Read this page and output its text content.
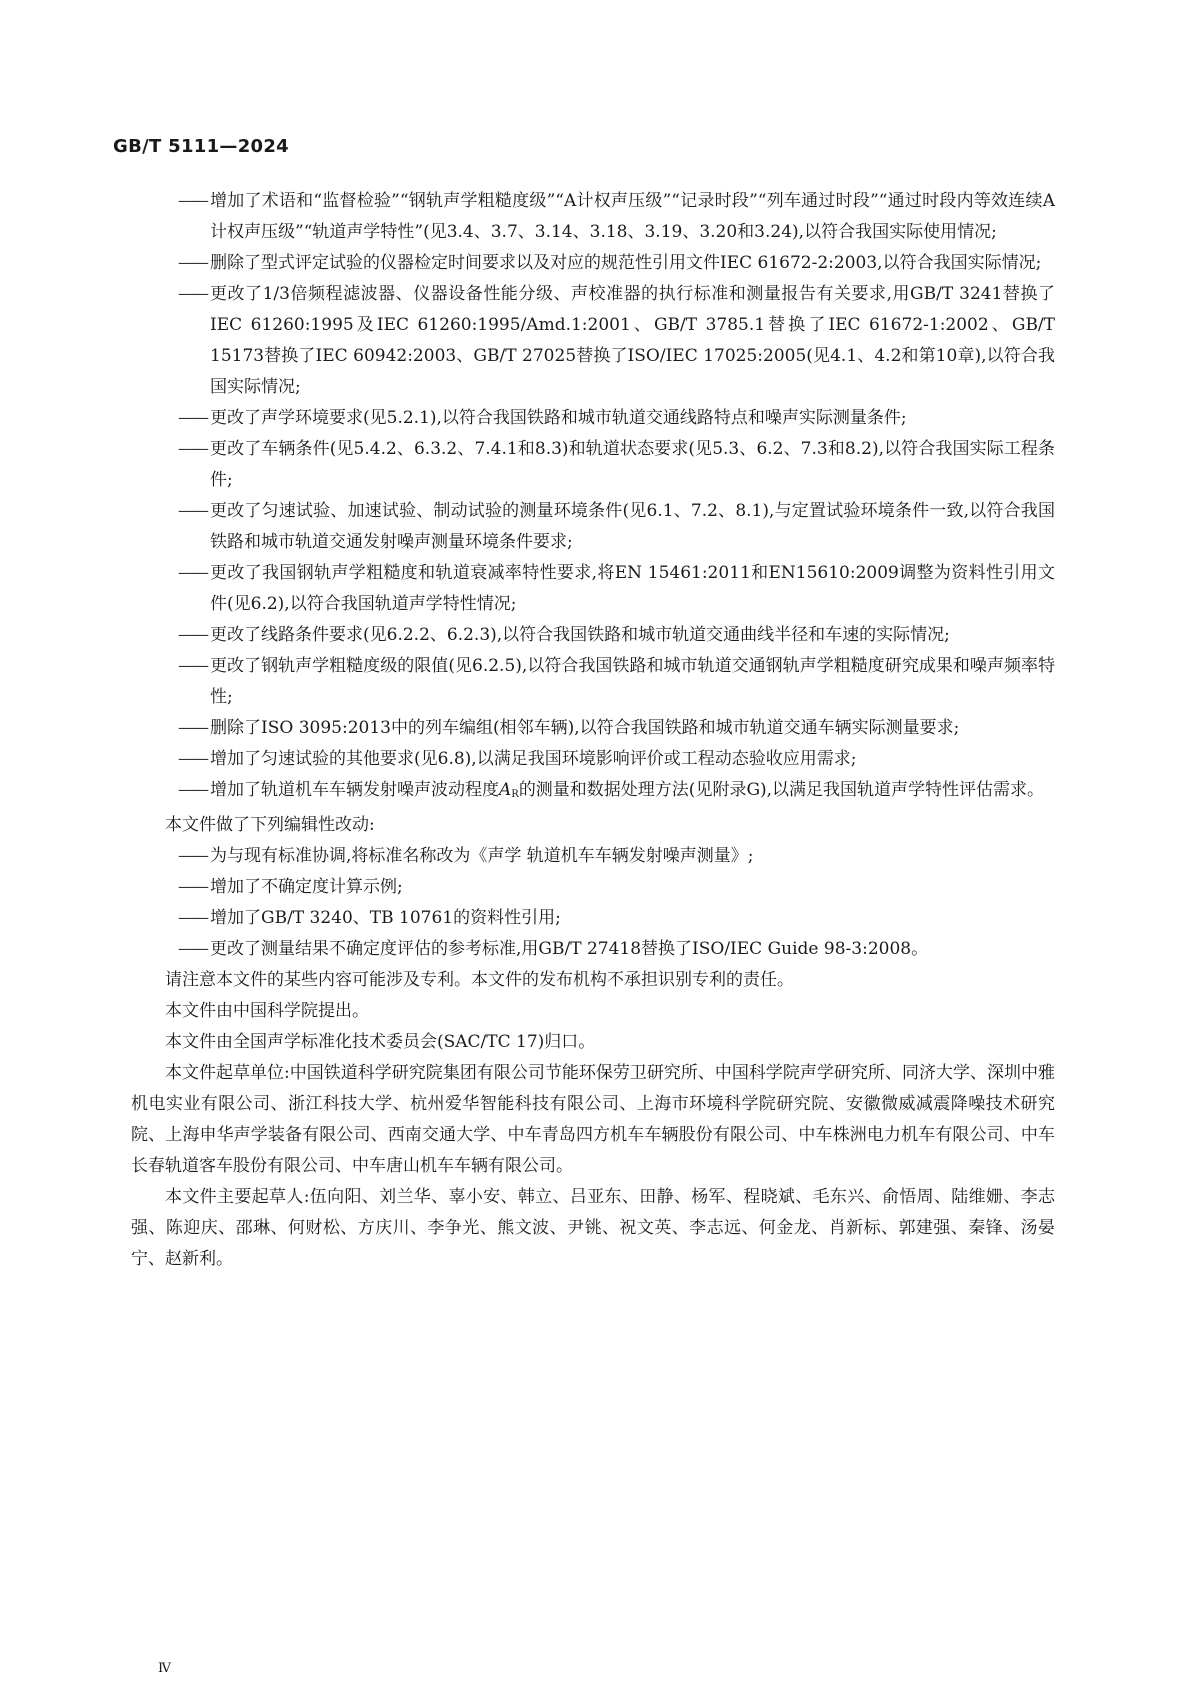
GB/T 5111—2024
—— 增加了术语和“监督检验”“钢轨声学粗糙度级”“A计权声压级”“记录时段”“列车通过时段”“通过时段内等效连续A计权声压级”“轨道声学特性”(见3.4、3.7、3.14、3.18、3.19、3.20和3.24),以符合我国实际使用情况;
—— 删除了型式评定试验的仪器检定时间要求以及对应的规范性引用文件IEC 61672-2:2003,以符合我国实际情况;
—— 更改了1/3倍频程滤波器、仪器设备性能分级、声校准器的执行标准和测量报告有关要求,用GB/T 3241替换了IEC 61260:1995及IEC 61260:1995/Amd.1:2001、GB/T 3785.1替换了IEC 61672-1:2002、GB/T 15173替换了IEC 60942:2003、GB/T 27025替换了ISO/IEC 17025:2005(见4.1、4.2和第10章),以符合我国实际情况;
—— 更改了声学环境要求(见5.2.1),以符合我国铁路和城市轨道交通线路特点和噪声实际测量条件;
—— 更改了车辆条件(见5.4.2、6.3.2、7.4.1和8.3)和轨道状态要求(见5.3、6.2、7.3和8.2),以符合我国实际工程条件;
—— 更改了匀速试验、加速试验、制动试验的测量环境条件(见6.1、7.2、8.1),与定置试验环境条件一致,以符合我国铁路和城市轨道交通发射噪声测量环境条件要求;
—— 更改了我国钢轨声学粗糙度和轨道衰减率特性要求,将EN 15461:2011和EN15610:2009调整为资料性引用文件(见6.2),以符合我国轨道声学特性情况;
—— 更改了线路条件要求(见6.2.2、6.2.3),以符合我国铁路和城市轨道交通曲线半径和车速的实际情况;
—— 更改了钢轨声学粗糙度级的限值(见6.2.5),以符合我国铁路和城市轨道交通钢轨声学粗糙度研究成果和噪声频率特性;
—— 删除了ISO 3095:2013中的列车编组(相邻车辆),以符合我国铁路和城市轨道交通车辆实际测量要求;
—— 增加了匀速试验的其他要求(见6.8),以满足我国环境影响评价或工程动态验收应用需求;
—— 增加了轨道机车车辆发射噪声波动程度$A_R$的测量和数据处理方法(见附录G),以满足我国轨道声学特性评估需求。
本文件做了下列编辑性改动:
—— 为与现有标准协调,将标准名称改为《声学 轨道机车车辆发射噪声测量》;
—— 增加了不确定度计算示例;
—— 增加了GB/T 3240、TB 10761的资料性引用;
—— 更改了测量结果不确定度评估的参考标准,用GB/T 27418替换了ISO/IEC Guide 98-3:2008。
请注意本文件的某些内容可能涉及专利。本文件的发布机构不承担识别专利的责任。
本文件由中国科学院提出。
本文件由全国声学标准化技术委员会(SAC/TC 17)归口。
本文件起草单位:中国铁道科学研究院集团有限公司节能环保劳卫研究所、中国科学院声学研究所、同济大学、深圳中雅机电实业有限公司、浙江科技大学、杭州爱华智能科技有限公司、上海市环境科学院研究院、安徽微威减震降噪技术研究院、上海申华声学装备有限公司、西南交通大学、中车青岛四方机车车辆股份有限公司、中车株洲电力机车有限公司、中车长春轨道客车股份有限公司、中车唐山机车车辆有限公司。
本文件主要起草人:伍向阳、刘兰华、辜小安、韩立、吕亚东、田静、杨军、程晓斌、毛东兴、俞悟周、陆维姗、李志强、陈迎庆、邵琳、何财松、方庆川、李争光、熊文波、尹铫、祝文英、李志远、何金龙、肖新标、郭建强、秦锋、汤晏宁、赵新利。
Ⅳ
